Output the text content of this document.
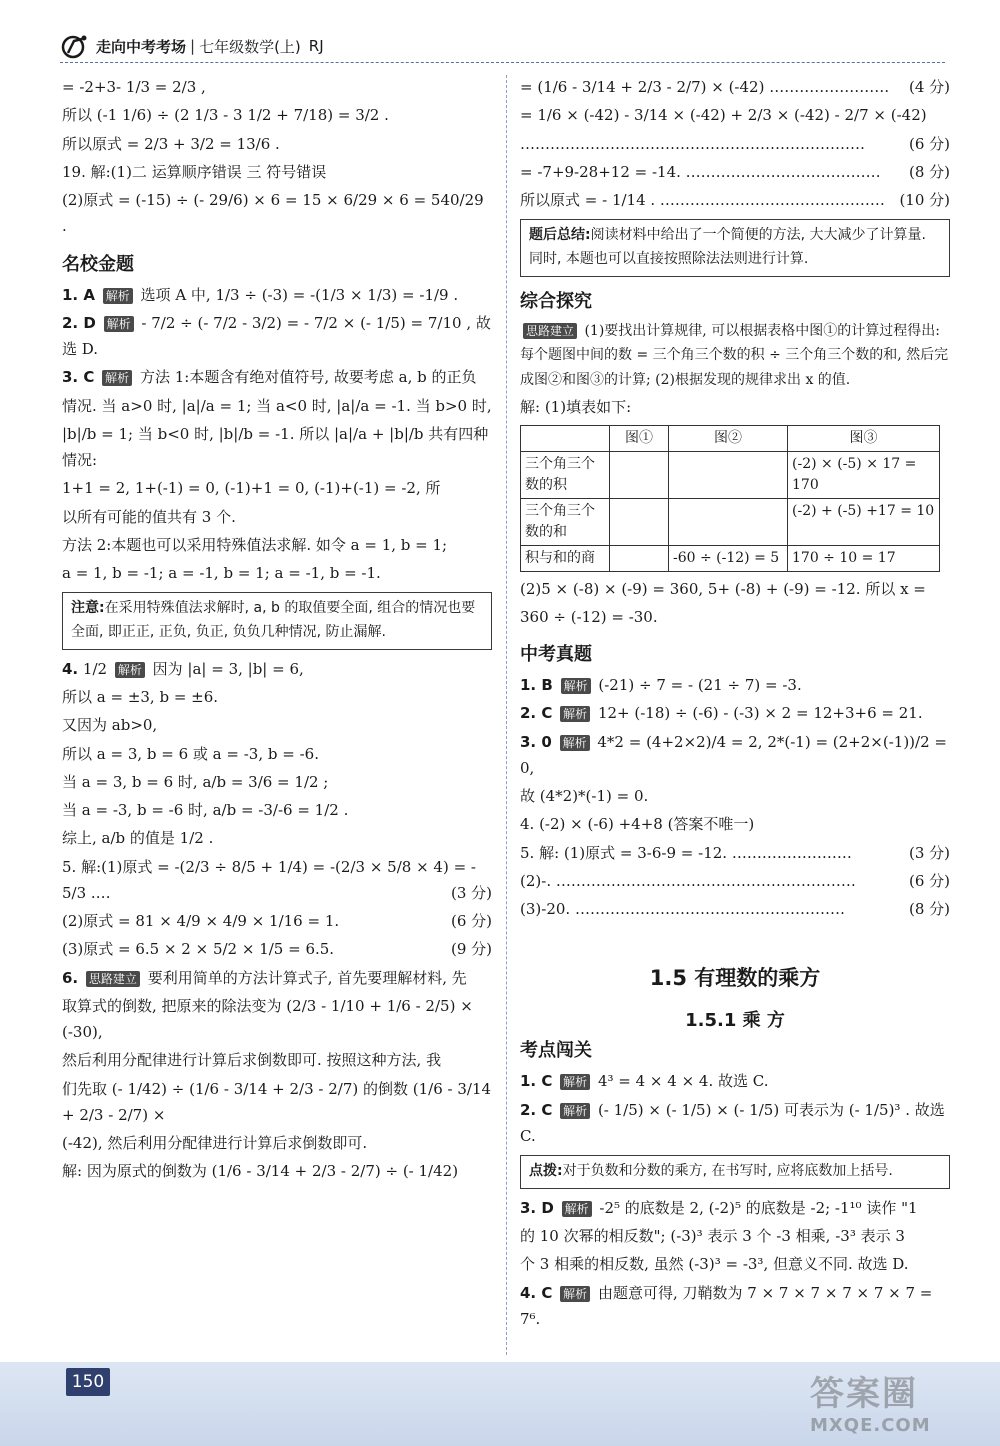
走向中考考场 | 七年级数学(上) RJ
= -2+3- 1/3 = 2/3 ,
所以 (-1 1/6) ÷ (2 1/3 - 3 1/2 + 7/18) = 3/2 .
所以原式 = 2/3 + 3/2 = 13/6 .
19. 解:(1)二 运算顺序错误 三 符号错误
(2)原式 = (-15) ÷ (- 29/6) × 6 = 15 × 6/29 × 6 = 540/29 .
名校金题
1. A 解析 选项 A 中, 1/3 ÷ (-3) = -(1/3 × 1/3) = -1/9 .
2. D 解析 - 7/2 ÷ (- 7/2 - 3/2) = - 7/2 × (- 1/5) = 7/10 , 故选 D.
3. C 解析 方法 1:本题含有绝对值符号, 故要考虑 a, b 的正负
情况. 当 a>0 时, |a|/a = 1; 当 a<0 时, |a|/a = -1. 当 b>0 时,
|b|/b = 1; 当 b<0 时, |b|/b = -1. 所以 |a|/a + |b|/b 共有四种情况:
1+1 = 2, 1+(-1) = 0, (-1)+1 = 0, (-1)+(-1) = -2, 所
以所有可能的值共有 3 个.
方法 2:本题也可以采用特殊值法求解. 如令 a = 1, b = 1;
a = 1, b = -1; a = -1, b = 1; a = -1, b = -1.
注意:在采用特殊值法求解时, a, b 的取值要全面, 组合的情况也要全面, 即正正, 正负, 负正, 负负几种情况, 防止漏解.
4. 1/2 解析 因为 |a| = 3, |b| = 6,
所以 a = ±3, b = ±6.
又因为 ab>0,
所以 a = 3, b = 6 或 a = -3, b = -6.
当 a = 3, b = 6 时, a/b = 3/6 = 1/2 ;
当 a = -3, b = -6 时, a/b = -3/-6 = 1/2 .
综上, a/b 的值是 1/2 .
5. 解:(1)原式 = -(2/3 ÷ 8/5 + 1/4) = -(2/3 × 5/8 × 4) = - 5/3 .…	(3 分)
(2)原式 = 81 × 4/9 × 4/9 × 1/16 = 1.	(6 分)
(3)原式 = 6.5 × 2 × 5/2 × 1/5 = 6.5.	(9 分)
6. 思路建立 要利用简单的方法计算式子, 首先要理解材料, 先
取算式的倒数, 把原来的除法变为 (2/3 - 1/10 + 1/6 - 2/5) × (-30),
然后利用分配律进行计算后求倒数即可. 按照这种方法, 我
们先取 (- 1/42) ÷ (1/6 - 3/14 + 2/3 - 2/7) 的倒数 (1/6 - 3/14 + 2/3 - 2/7) ×
(-42), 然后利用分配律进行计算后求倒数即可.
解: 因为原式的倒数为 (1/6 - 3/14 + 2/3 - 2/7) ÷ (- 1/42)
= (1/6 - 3/14 + 2/3 - 2/7) × (-42) …………………… (4 分)
= 1/6 × (-42) - 3/14 × (-42) + 2/3 × (-42) - 2/7 × (-42)
……………………………………………………………	(6 分)
= -7+9-28+12 = -14. ………………………………… (8 分)
所以原式 = - 1/14 . ……………………………………… (10 分)
题后总结:阅读材料中给出了一个简便的方法, 大大减少了计算量. 同时, 本题也可以直接按照除法法则进行计算.
综合探究
思路建立 (1)要找出计算规律, 可以根据表格中图①的计算过程得出: 每个题图中间的数 = 三个角三个数的积 ÷ 三个角三个数的和, 然后完成图②和图③的计算; (2)根据发现的规律求出 x 的值.
解: (1)填表如下:
	图①	图②	图③
三个角三个数的积			(-2) × (-5) × 17 = 170
三个角三个数的和			(-2) + (-5) +17 = 10
积与和的商		-60 ÷ (-12) = 5	170 ÷ 10 = 17
(2)5 × (-8) × (-9) = 360, 5+ (-8) + (-9) = -12. 所以 x =
360 ÷ (-12) = -30.
中考真题
1. B 解析 (-21) ÷ 7 = - (21 ÷ 7) = -3.
2. C 解析 12+ (-18) ÷ (-6) - (-3) × 2 = 12+3+6 = 21.
3. 0 解析 4*2 = (4+2×2)/4 = 2, 2*(-1) = (2+2×(-1))/2 = 0,
故 (4*2)*(-1) = 0.
4. (-2) × (-6) +4+8 (答案不唯一)
5. 解: (1)原式 = 3-6-9 = -12. ……………………	(3 分)
(2)-. ……………………………………………………	(6 分)
(3)-20. ………………………………………………	(8 分)
1.5 有理数的乘方
1.5.1 乘 方
考点闯关
1. C 解析 4³ = 4 × 4 × 4. 故选 C.
2. C 解析 (- 1/5) × (- 1/5) × (- 1/5) 可表示为 (- 1/5)³ . 故选 C.
点拨:对于负数和分数的乘方, 在书写时, 应将底数加上括号.
3. D 解析 -2⁵ 的底数是 2, (-2)⁵ 的底数是 -2; -1¹⁰ 读作 "1
的 10 次幂的相反数"; (-3)³ 表示 3 个 -3 相乘, -3³ 表示 3
个 3 相乘的相反数, 虽然 (-3)³ = -3³, 但意义不同. 故选 D.
4. C 解析 由题意可得, 刀鞘数为 7 × 7 × 7 × 7 × 7 × 7 = 7⁶.
150	答案圈
MXQE.COM
